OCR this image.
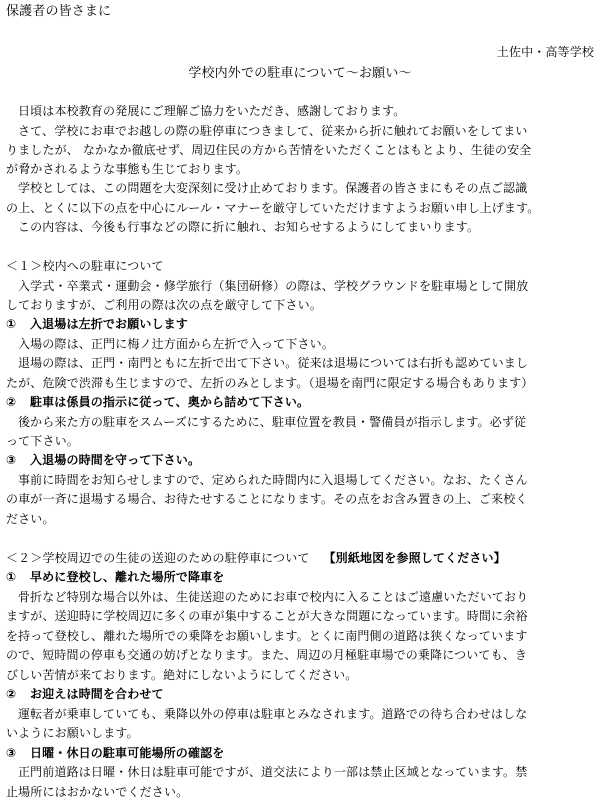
保護者の皆さまに
土佐中・高等学校
学校内外での駐車について～お願い～
日頃は本校教育の発展にご理解ご協力をいただき、感謝しております。
さて、学校にお車でお越しの際の駐停車につきまして、従来から折に触れてお願いをしてまい
りましたが、 なかなか徹底せず、周辺住民の方から苦情をいただくことはもとより、生徒の安全
が脅かされるような事態も生じております。
学校としては、この問題を大変深刻に受け止めております。保護者の皆さまにもその点ご認識
の上、とくに以下の点を中心にルール・マナーを厳守していただけますようお願い申し上げます。
この内容は、今後も行事などの際に折に触れ、お知らせするようにしてまいります。
＜１＞校内への駐車について
入学式・卒業式・運動会・修学旅行（集団研修）の際は、学校グラウンドを駐車場として開放
しておりますが、ご利用の際は次の点を厳守して下さい。
① 入退場は左折でお願いします
入場の際は、正門に梅ノ辻方面から左折で入って下さい。
退場の際は、正門・南門ともに左折で出て下さい。従来は退場については右折も認めていまし
たが、危険で渋滞も生じますので、左折のみとします。（退場を南門に限定する場合もあります）
② 駐車は係員の指示に従って、奥から詰めて下さい。
後から来た方の駐車をスムーズにするために、駐車位置を教員・警備員が指示します。必ず従
って下さい。
③ 入退場の時間を守って下さい。
事前に時間をお知らせしますので、定められた時間内に入退場してください。なお、たくさん
の車が一斉に退場する場合、お待たせすることになります。その点をお含み置きの上、ご来校く
ださい。
＜２＞学校周辺での生徒の送迎のための駐停車について 【別紙地図を参照してください】
① 早めに登校し、離れた場所で降車を
骨折など特別な場合以外は、生徒送迎のためにお車で校内に入ることはご遠慮いただいており
ますが、送迎時に学校周辺に多くの車が集中することが大きな問題になっています。時間に余裕
を持って登校し、離れた場所での乗降をお願いします。とくに南門側の道路は狭くなっています
ので、短時間の停車も交通の妨げとなります。また、周辺の月極駐車場での乗降についても、き
びしい苦情が来ております。絶対にしないようにしてください。
② お迎えは時間を合わせて
運転者が乗車していても、乗降以外の停車は駐車とみなされます。道路での待ち合わせはしな
いようにお願いします。
③ 日曜・休日の駐車可能場所の確認を
正門前道路は日曜・休日は駐車可能ですが、道交法により一部は禁止区域となっています。禁
止場所にはおかないでください。
